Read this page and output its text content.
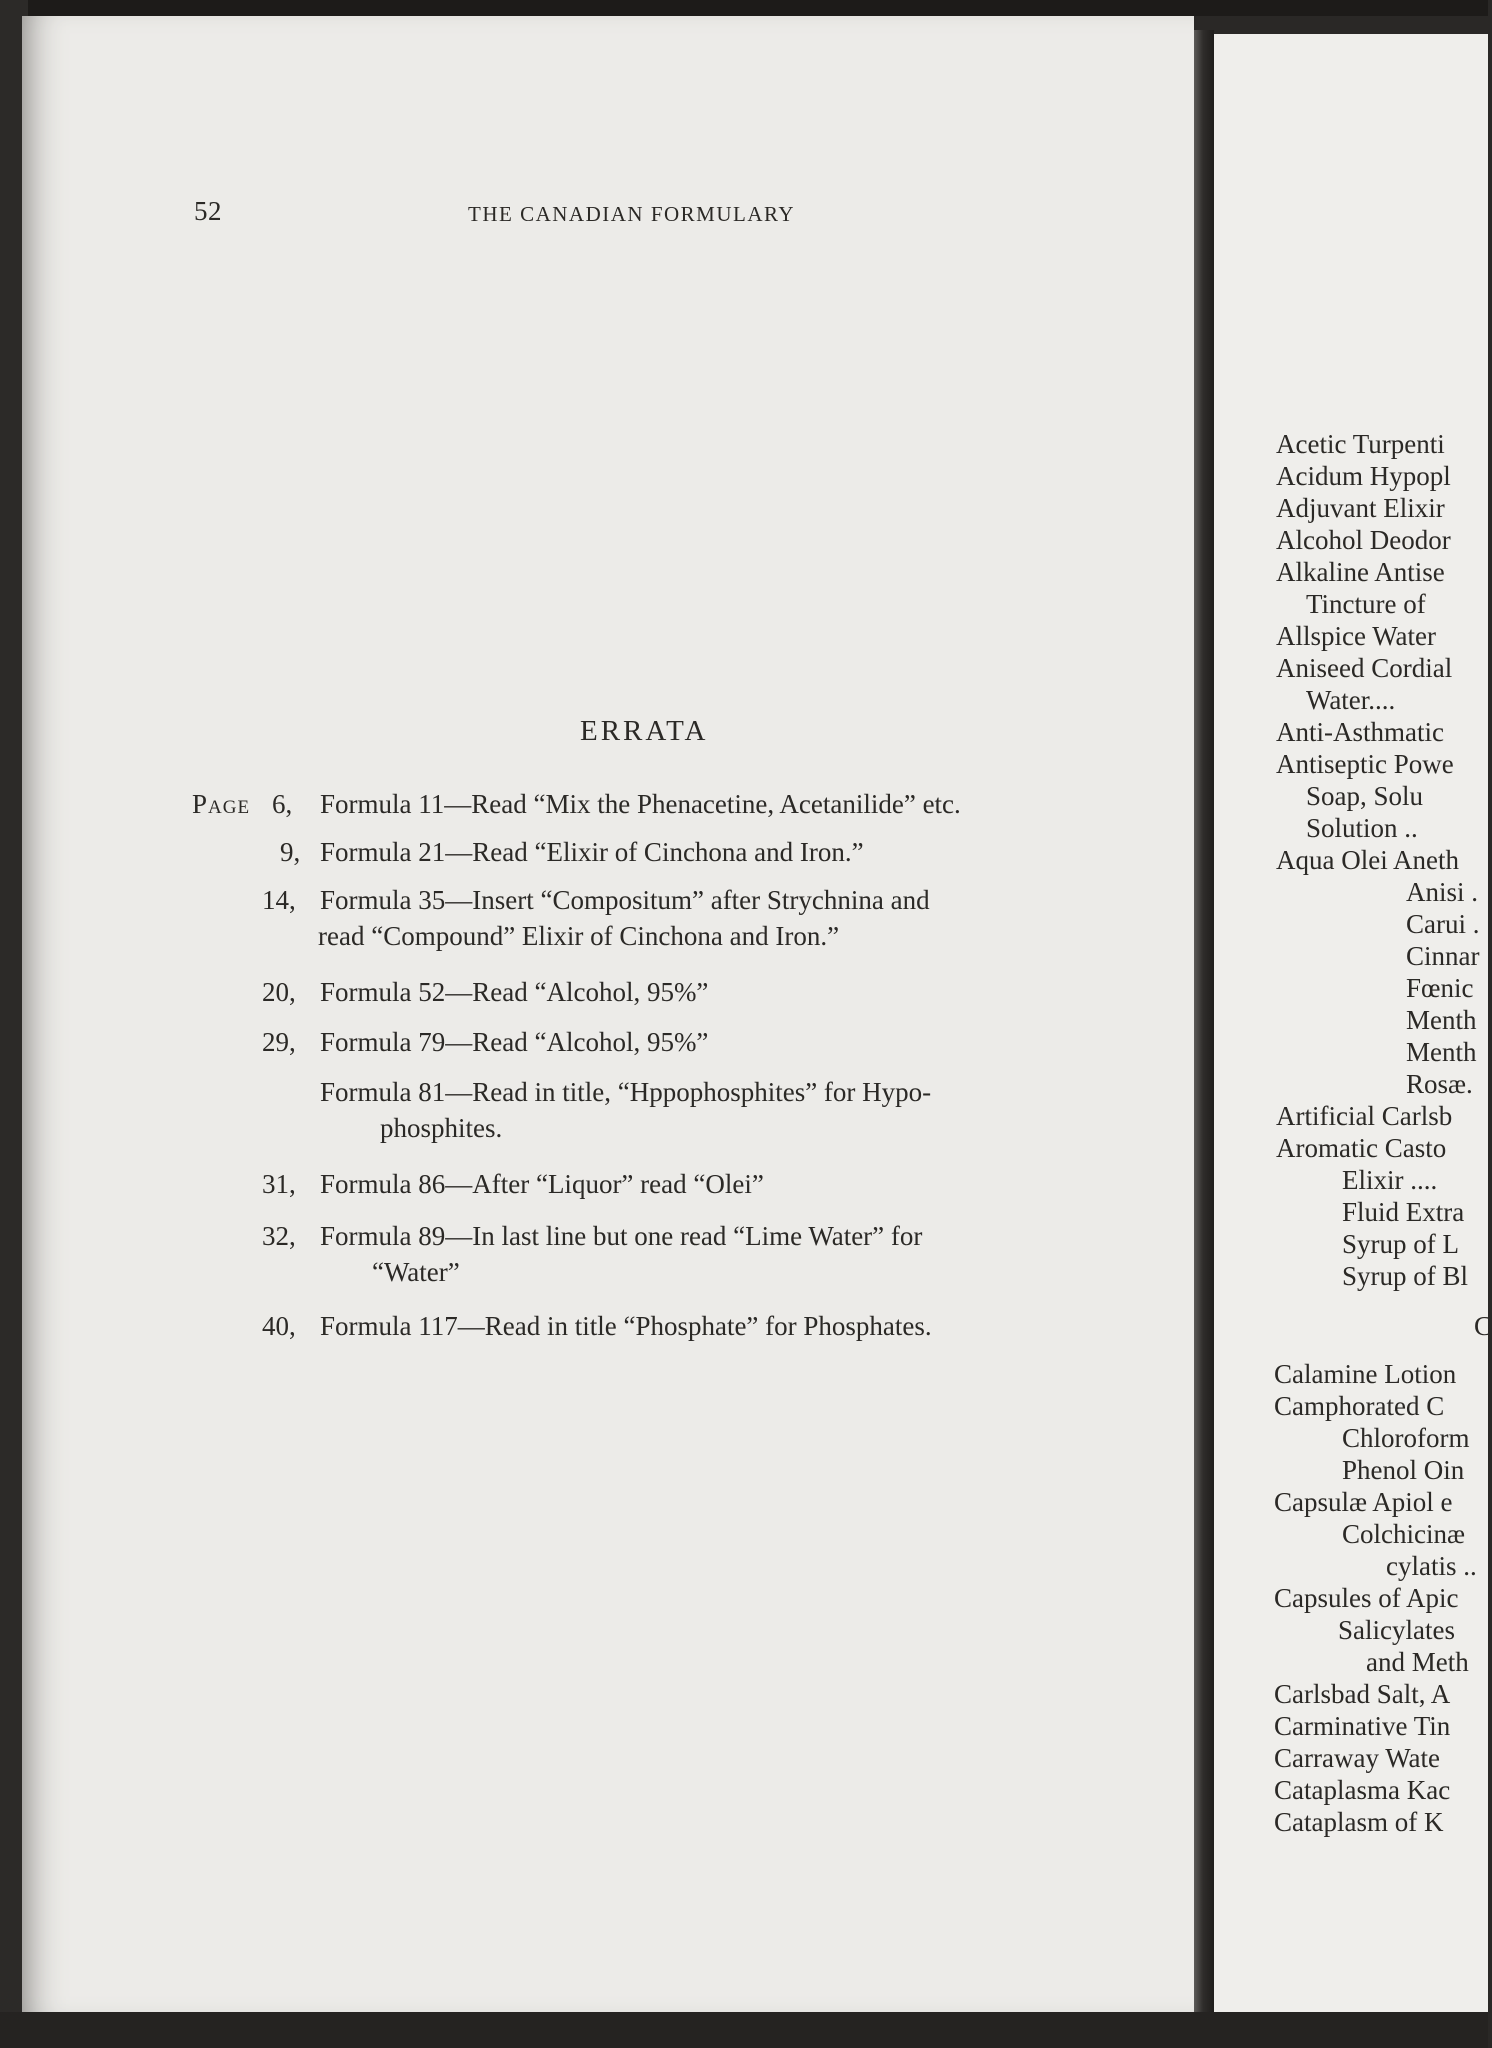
52	THE CANADIAN FORMULARY
ERRATA
Page 6, Formula 11—Read “Mix the Phenacetine, Acetanilide” etc.
9, Formula 21—Read “Elixir of Cinchona and Iron.”
14, Formula 35—Insert “Compositum” after Strychnina and
read “Compound” Elixir of Cinchona and Iron.”
20, Formula 52—Read “Alcohol, 95%”
29, Formula 79—Read “Alcohol, 95%”
Formula 81—Read in title, “Hppophosphites” for Hypo-
phosphites.
31, Formula 86—After “Liquor” read “Olei”
32, Formula 89—In last line but one read “Lime Water” for
“Water”
40, Formula 117—Read in title “Phosphate” for Phosphates.
Acetic Turpenti
Acidum Hypopl
Adjuvant Elixir
Alcohol Deodor
Alkaline Antise
Tincture of
Allspice Water
Aniseed Cordial
Water....
Anti-Asthmatic
Antiseptic Powe
Soap, Solu
Solution ..
Aqua Olei Aneth
Anisi .
Carui .
Cinnar
Fœnic
Menth
Menth
Rosæ.
Artificial Carlsb
Aromatic Casto
Elixir ....
Fluid Extra
Syrup of L
Syrup of Bl
C
Calamine Lotion
Camphorated C
Chloroform
Phenol Oin
Capsulæ Apiol e
Colchicinæ
cylatis ..
Capsules of Apic
Salicylates
and Meth
Carlsbad Salt, A
Carminative Tin
Carraway Wate
Cataplasma Kac
Cataplasm of K
